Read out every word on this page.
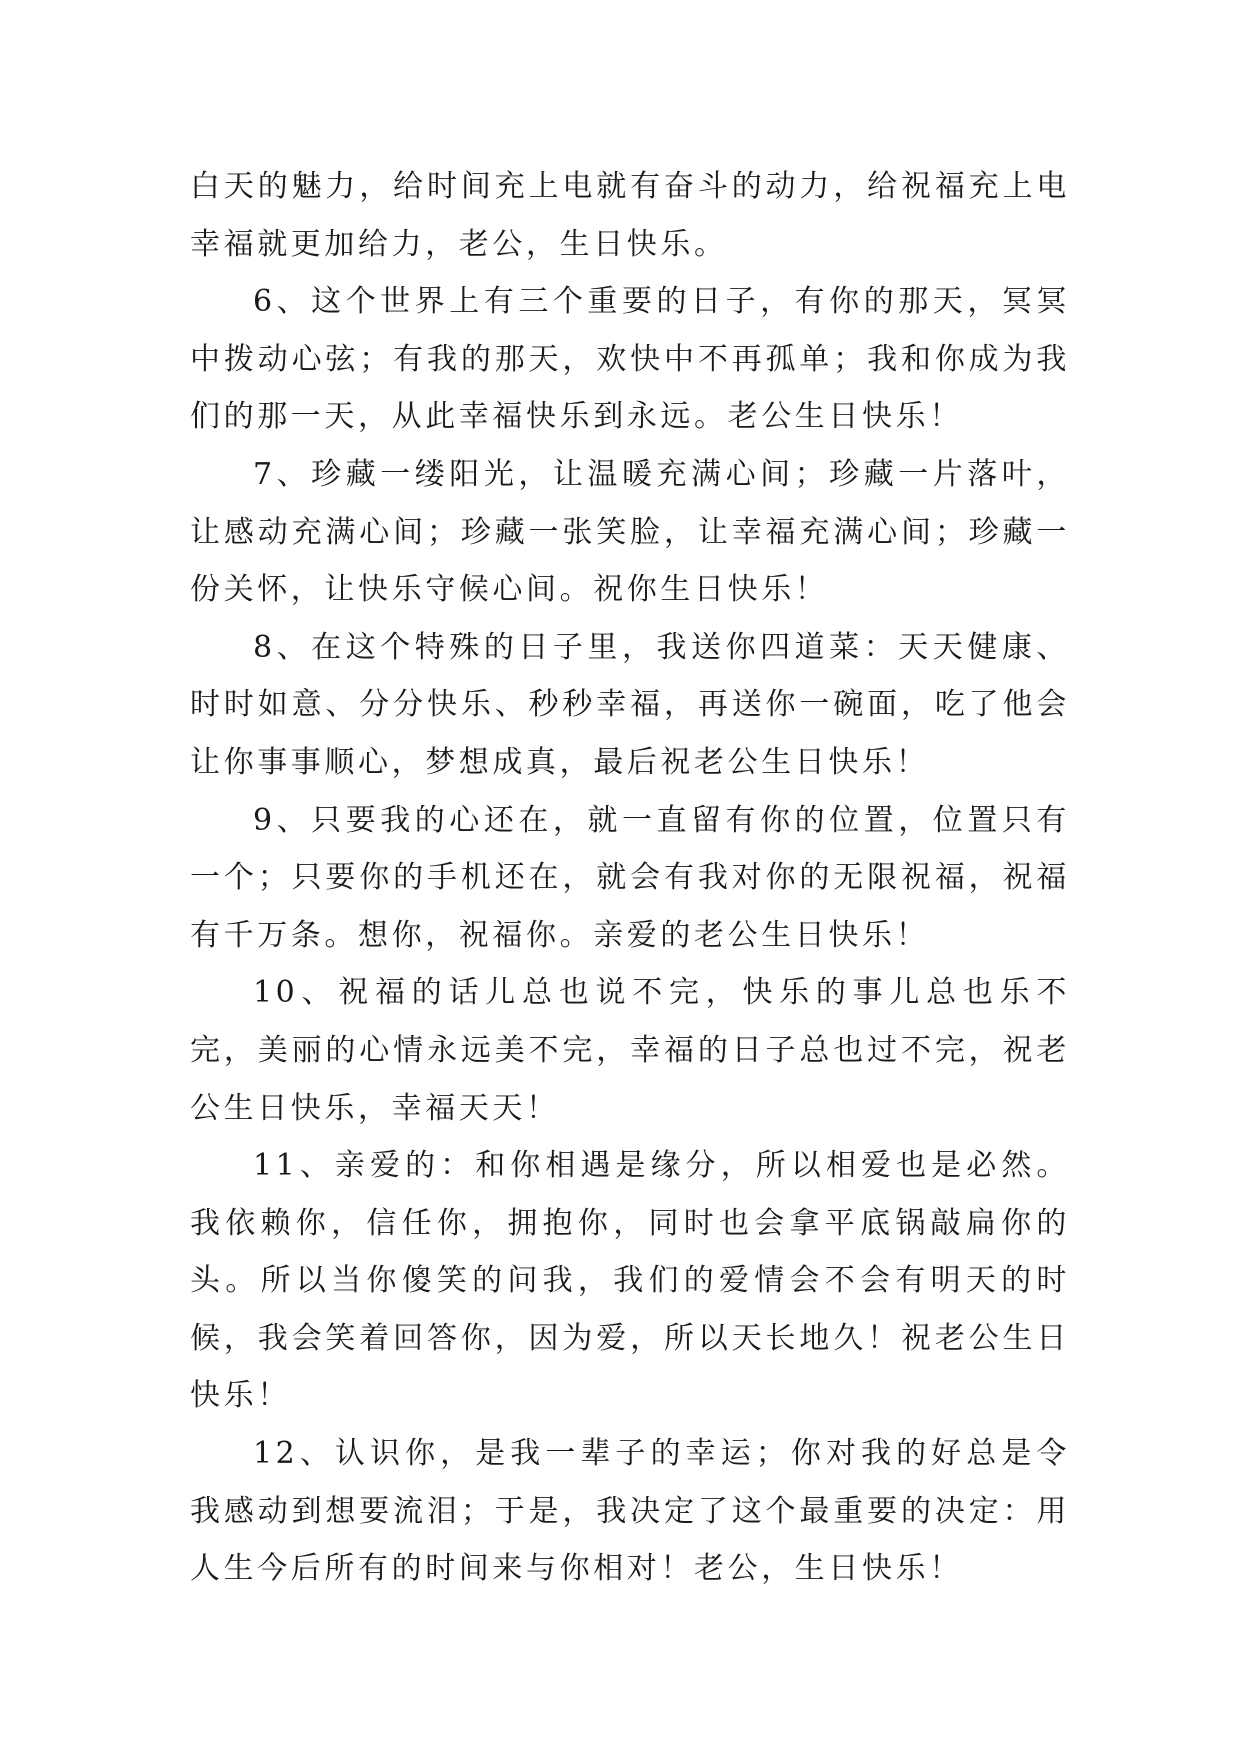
白天的魅力，给时间充上电就有奋斗的动力，给祝福充上电幸福就更加给力，老公，生日快乐。

6、这个世界上有三个重要的日子，有你的那天，冥冥中拨动心弦；有我的那天，欢快中不再孤单；我和你成为我们的那一天，从此幸福快乐到永远。老公生日快乐！

7、珍藏一缕阳光，让温暖充满心间；珍藏一片落叶，让感动充满心间；珍藏一张笑脸，让幸福充满心间；珍藏一份关怀，让快乐守候心间。祝你生日快乐！

8、在这个特殊的日子里，我送你四道菜：天天健康、时时如意、分分快乐、秒秒幸福，再送你一碗面，吃了他会让你事事顺心，梦想成真，最后祝老公生日快乐！

9、只要我的心还在，就一直留有你的位置，位置只有一个；只要你的手机还在，就会有我对你的无限祝福，祝福有千万条。想你，祝福你。亲爱的老公生日快乐！

10、祝福的话儿总也说不完，快乐的事儿总也乐不完，美丽的心情永远美不完，幸福的日子总也过不完，祝老公生日快乐，幸福天天！

11、亲爱的：和你相遇是缘分，所以相爱也是必然。我依赖你，信任你，拥抱你，同时也会拿平底锅敲扁你的头。所以当你傻笑的问我，我们的爱情会不会有明天的时候，我会笑着回答你，因为爱，所以天长地久！祝老公生日快乐！

12、认识你，是我一辈子的幸运；你对我的好总是令我感动到想要流泪；于是，我决定了这个最重要的决定：用人生今后所有的时间来与你相对！老公，生日快乐！
